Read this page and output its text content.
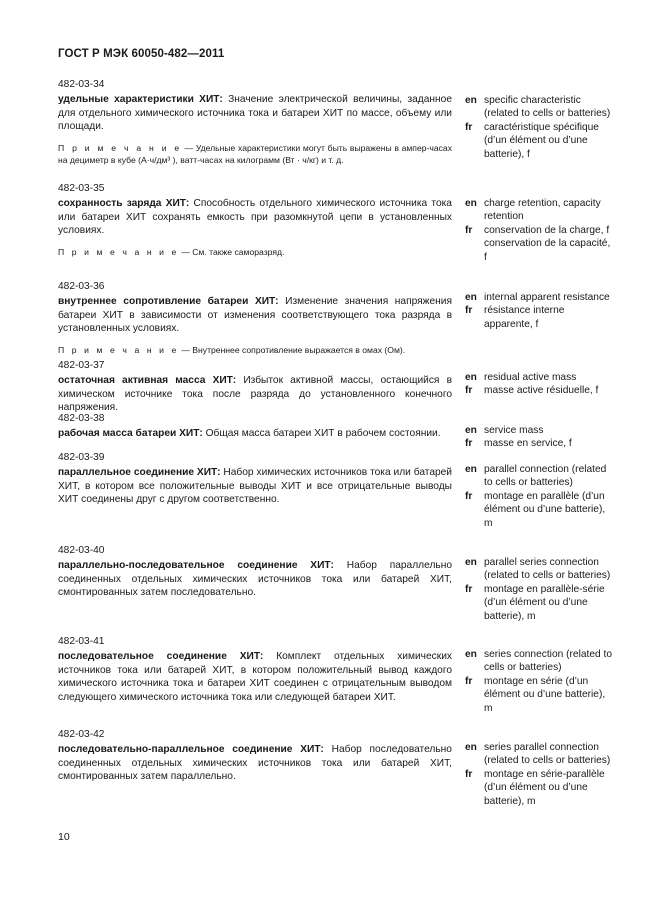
ГОСТ Р МЭК 60050-482—2011
482-03-34
удельные характеристики ХИТ: Значение электрической величины, заданное для отдельного химического источника тока и батареи ХИТ по массе, объему или площади.
П р и м е ч а н и е — Удельные характеристики могут быть выражены в ампер-часах на дециметр в кубе (А·ч/дм³ ), ватт-часах на килограмм (Вт · ч/кг) и т. д.
en specific characteristic (related to cells or batteries)
fr	caractéristique spécifique (d’un élément ou d’une batterie), f
482-03-35
сохранность заряда ХИТ: Способность отдельного химического источника тока или батареи ХИТ сохранять емкость при разомкнутой цепи в установленных условиях.
П р и м е ч а н и е — См. также саморазряд.
en charge retention, capacity retention
fr	conservation de la charge, f conservation de la capacité, f
482-03-36
внутреннее сопротивление батареи ХИТ: Изменение значения напряжения батареи ХИТ в зависимости от изменения соответствующего тока разряда в установленных условиях.
П р и м е ч а н и е — Внутреннее сопротивление выражается в омах (Ом).
en internal apparent resistance
fr	résistance interne apparente, f
482-03-37
остаточная активная масса ХИТ: Избыток активной массы, остающийся в химическом источнике тока после разряда до установленного конечного напряжения.
en residual active mass
fr	masse active résiduelle, f
482-03-38
рабочая масса батареи ХИТ: Общая масса батареи ХИТ в рабочем состоянии.	en service mass
fr	masse en service, f
482-03-39
параллельное соединение ХИТ: Набор химических источников тока или батарей ХИТ, в котором все положительные выводы ХИТ и все отрицательные выводы ХИТ соединены друг с другом соответственно.
en parallel connection (related to cells or batteries)
fr	montage en parallèle (d’un élément ou d’une batterie), m
482-03-40
параллельно-последовательное соединение ХИТ: Набор параллельно соединенных отдельных химических источников тока или батарей ХИТ, смонтированных затем последовательно.
en parallel series connection (related to cells or batteries)
fr	montage en parallèle-série (d’un élément ou d’une batterie), m
482-03-41
последовательное соединение ХИТ: Комплект отдельных химических источников тока или батарей ХИТ, в котором положительный вывод каждого химического источника тока и батареи ХИТ соединен с отрицательным выводом следующего химического источника тока или следующей батареи ХИТ.
en series connection (related to cells or batteries)
fr	montage en série (d’un élément ou d’une batterie), m
482-03-42
последовательно-параллельное соединение ХИТ: Набор последовательно соединенных отдельных химических источников тока или батарей ХИТ, смонтированных затем параллельно.
en series parallel connection (related to cells or batteries)
fr	montage en série-parallèle (d’un élément ou d’une batterie), m
10
